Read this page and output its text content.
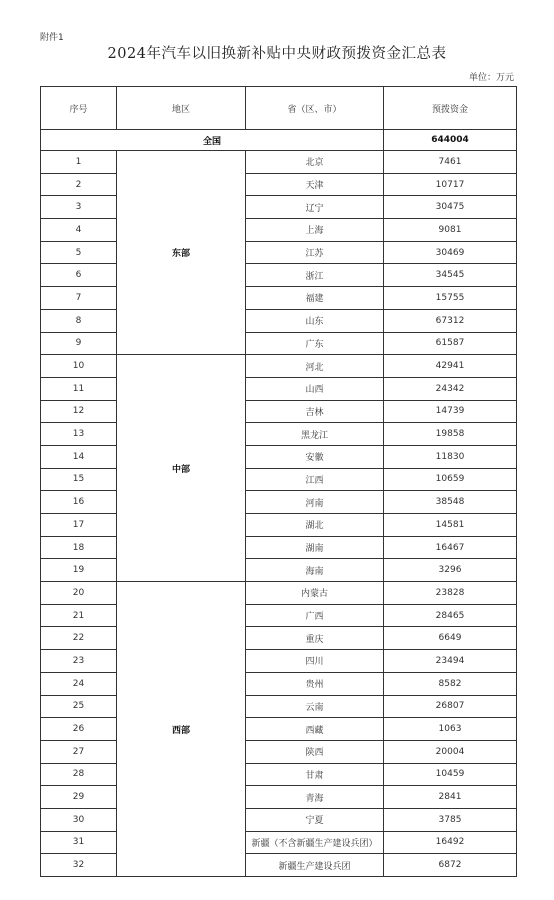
附件1
2024年汽车以旧换新补贴中央财政预拨资金汇总表
单位：万元
序号	地区	省（区、市）	预拨资金
全国			644004
1	东部	北京	7461
2		天津	10717
3		辽宁	30475
4		上海	9081
5		江苏	30469
6		浙江	34545
7		福建	15755
8		山东	67312
9		广东	61587
10	中部	河北	42941
11		山西	24342
12		吉林	14739
13		黑龙江	19858
14		安徽	11830
15		江西	10659
16		河南	38548
17		湖北	14581
18		湖南	16467
19		海南	3296
20	西部	内蒙古	23828
21		广西	28465
22		重庆	6649
23		四川	23494
24		贵州	8582
25		云南	26807
26		西藏	1063
27		陕西	20004
28		甘肃	10459
29		青海	2841
30		宁夏	3785
31		新疆（不含新疆生产建设兵团）	16492
32		新疆生产建设兵团	6872
